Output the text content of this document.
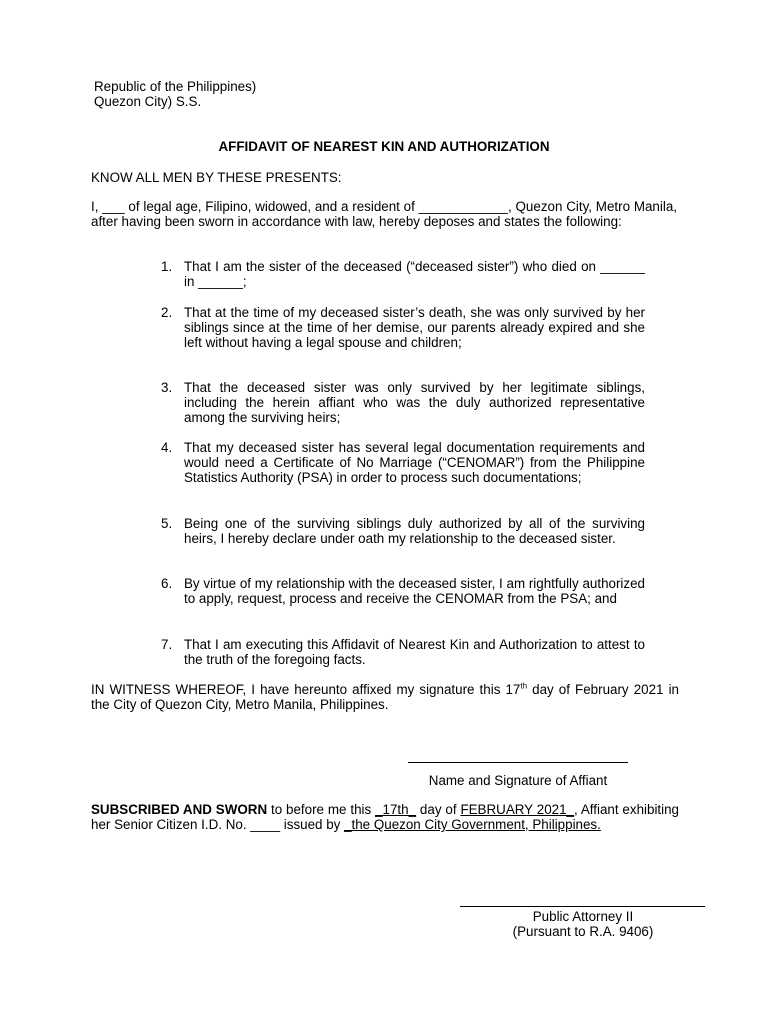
Republic of the Philippines)
Quezon City) S.S.
AFFIDAVIT OF NEAREST KIN AND AUTHORIZATION
KNOW ALL MEN BY THESE PRESENTS:
I, ___ of legal age, Filipino, widowed, and a resident of ____________, Quezon City, Metro Manila, after having been sworn in accordance with law, hereby deposes and states the following:
1. That I am the sister of the deceased (“deceased sister”) who died on ______ in ______;
2. That at the time of my deceased sister’s death, she was only survived by her siblings since at the time of her demise, our parents already expired and she left without having a legal spouse and children;
3. That the deceased sister was only survived by her legitimate siblings, including the herein affiant who was the duly authorized representative among the surviving heirs;
4. That my deceased sister has several legal documentation requirements and would need a Certificate of No Marriage (“CENOMAR”) from the Philippine Statistics Authority (PSA) in order to process such documentations;
5. Being one of the surviving siblings duly authorized by all of the surviving heirs, I hereby declare under oath my relationship to the deceased sister.
6. By virtue of my relationship with the deceased sister, I am rightfully authorized to apply, request, process and receive the CENOMAR from the PSA; and
7. That I am executing this Affidavit of Nearest Kin and Authorization to attest to the truth of the foregoing facts.
IN WITNESS WHEREOF, I have hereunto affixed my signature this 17th day of February 2021 in the City of Quezon City, Metro Manila, Philippines.
Name and Signature of Affiant
SUBSCRIBED AND SWORN to before me this _17th_ day of FEBRUARY 2021_, Affiant exhibiting her Senior Citizen I.D. No. ____ issued by _the Quezon City Government, Philippines.
Public Attorney II
(Pursuant to R.A. 9406)
